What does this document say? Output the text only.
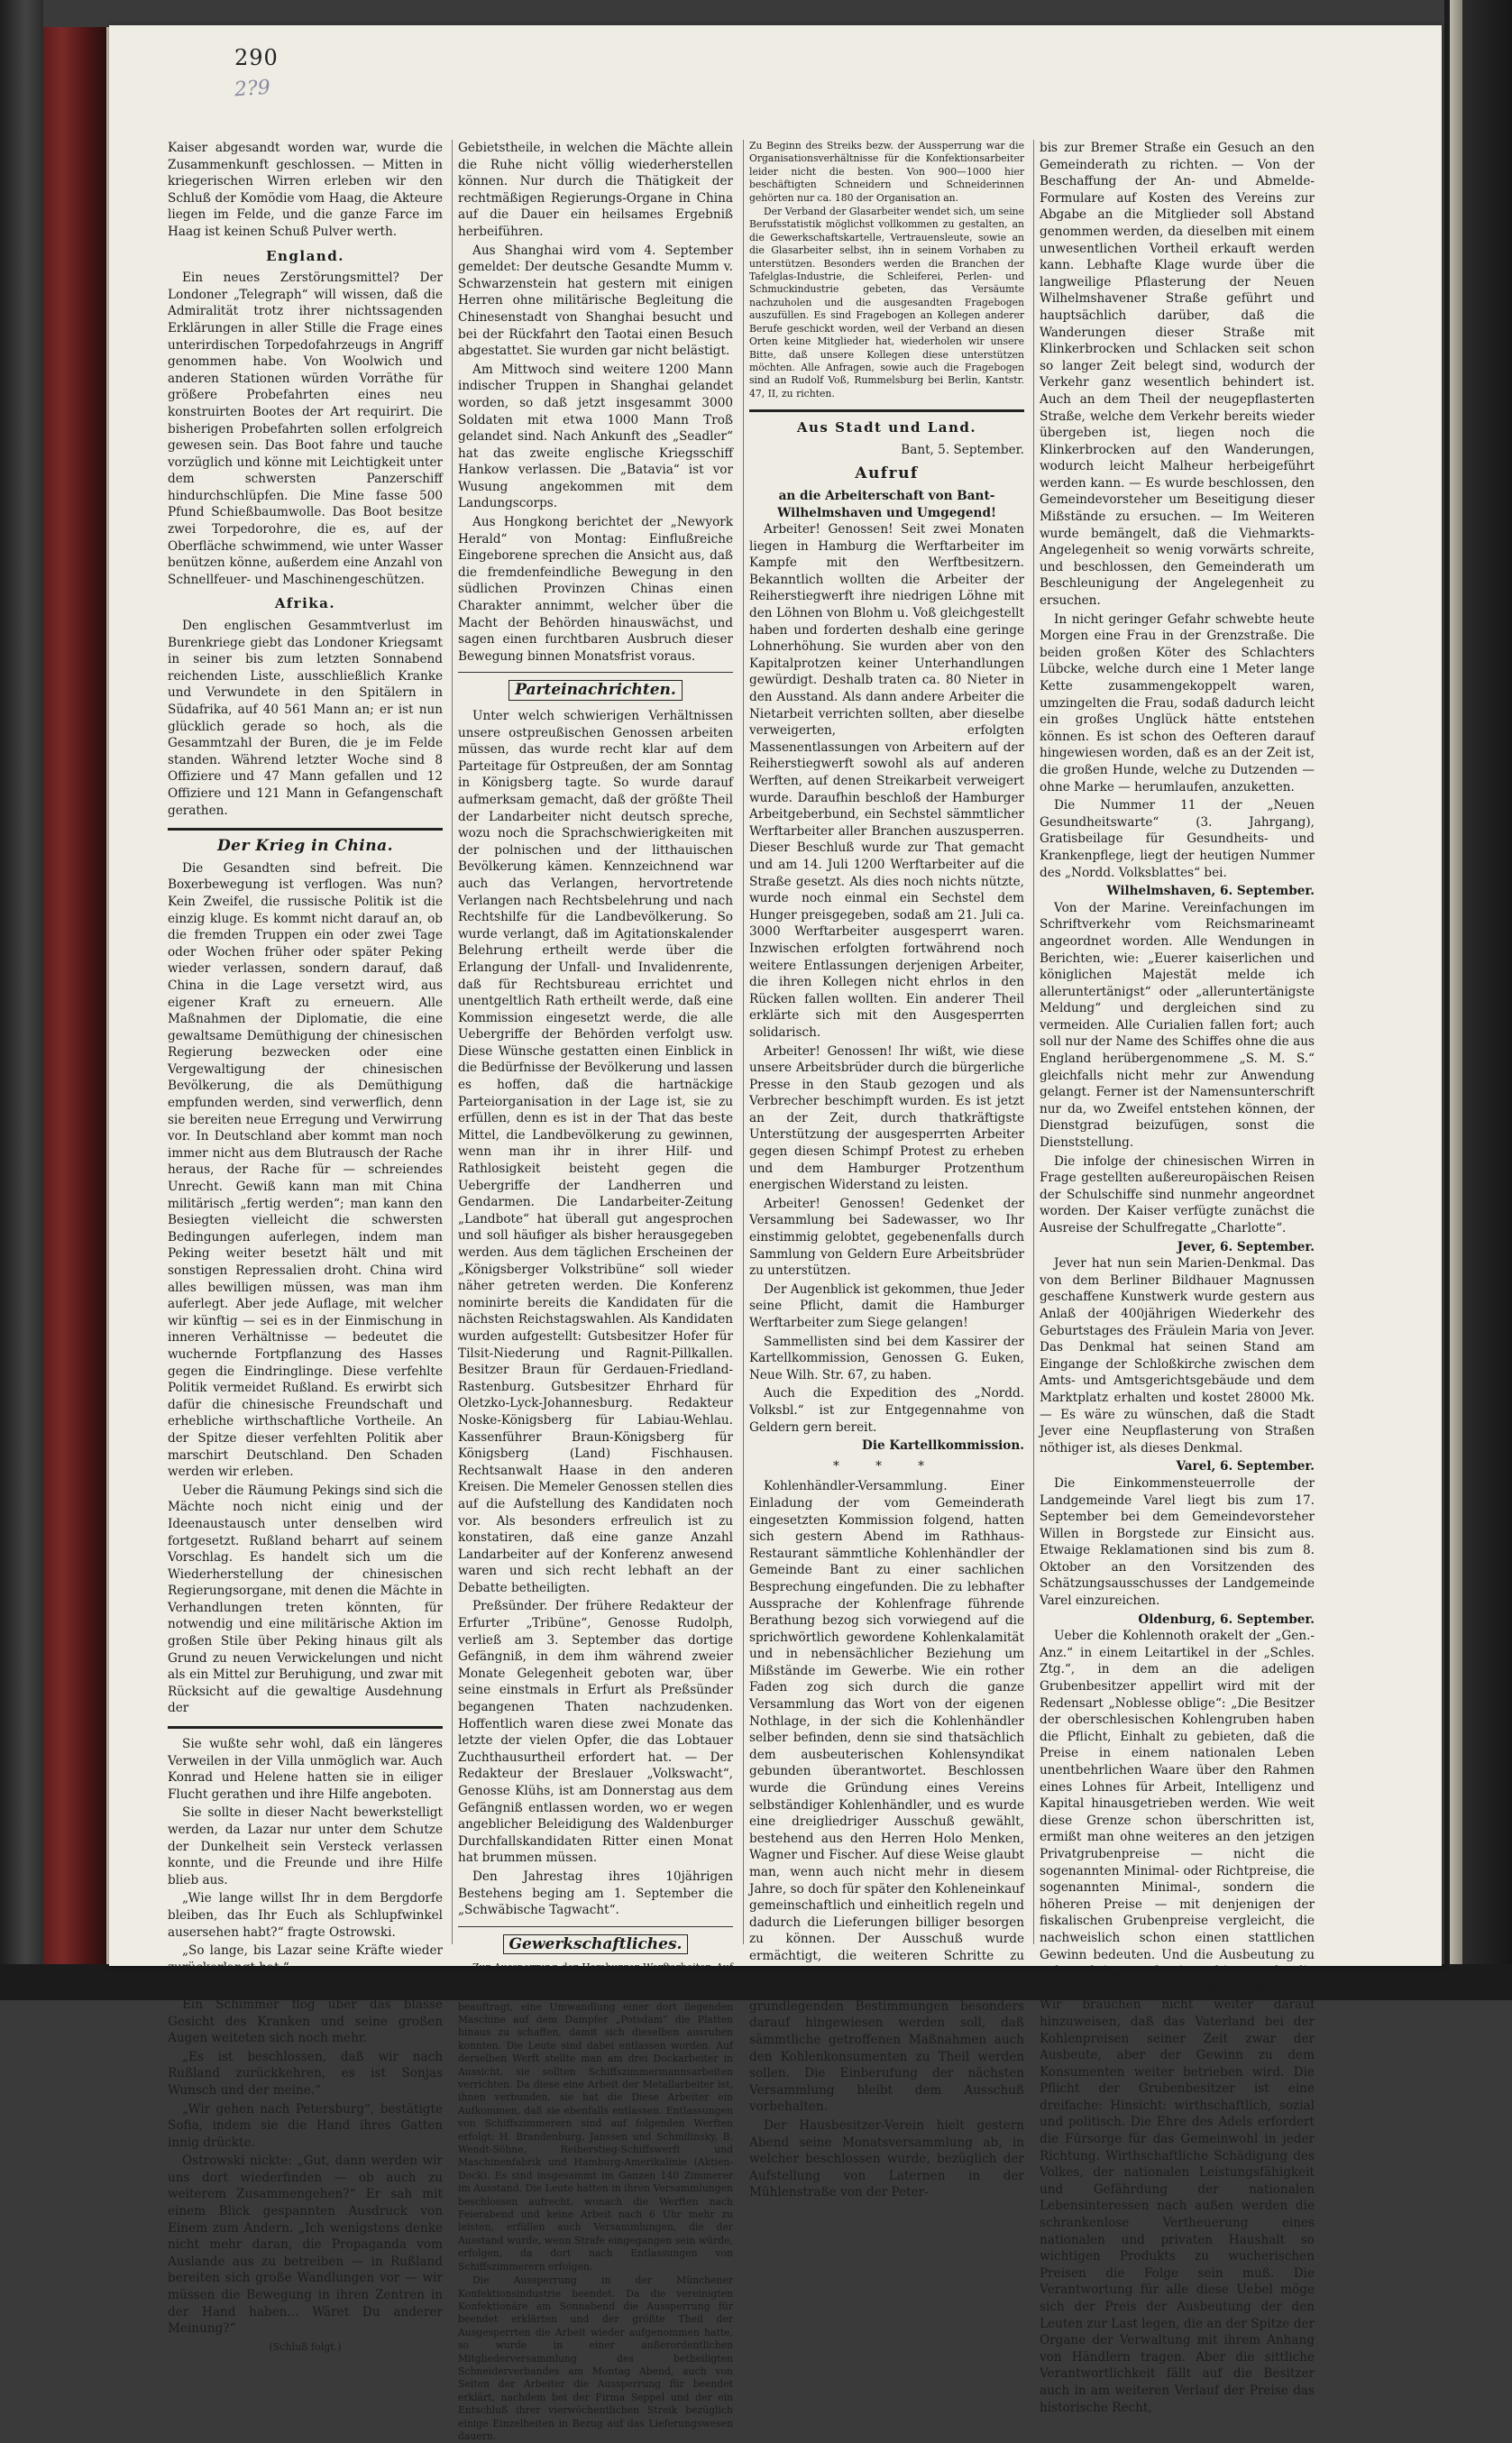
290
2?9

Kaiser abgesandt worden war, wurde die Zusammenkunft geschlossen. — Mitten in kriegerischen Wirren erleben wir den Schluß der Komödie vom Haag, die Akteure liegen im Felde, und die ganze Farce im Haag ist keinen Schuß Pulver werth.

England.

Ein neues Zerstörungsmittel? Der Londoner „Telegraph“ will wissen, daß die Admiralität trotz ihrer nichtssagenden Erklärungen in aller Stille die Frage eines unterirdischen Torpedofahrzeugs in Angriff genommen habe. Von Woolwich und anderen Stationen würden Vorräthe für größere Probefahrten eines neu konstruirten Bootes der Art requirirt. Die bisherigen Probefahrten sollen erfolgreich gewesen sein. Das Boot fahre und tauche vorzüglich und könne mit Leichtigkeit unter dem schwersten Panzerschiff hindurchschlüpfen. Die Mine fasse 500 Pfund Schießbaumwolle. Das Boot besitze zwei Torpedorohre, die es, auf der Oberfläche schwimmend, wie unter Wasser benützen könne, außerdem eine Anzahl von Schnellfeuer- und Maschinengeschützen.

Afrika.

Den englischen Gesammtverlust im Burenkriege giebt das Londoner Kriegsamt in seiner bis zum letzten Sonnabend reichenden Liste, ausschließlich Kranke und Verwundete in den Spitälern in Südafrika, auf 40 561 Mann an; er ist nun glücklich gerade so hoch, als die Gesammtzahl der Buren, die je im Felde standen. Während letzter Woche sind 8 Offiziere und 47 Mann gefallen und 12 Offiziere und 121 Mann in Gefangenschaft gerathen.

Der Krieg in China.

Die Gesandten sind befreit. Die Boxerbewegung ist verflogen. Was nun? Kein Zweifel, die russische Politik ist die einzig kluge. Es kommt nicht darauf an, ob die fremden Truppen ein oder zwei Tage oder Wochen früher oder später Peking wieder verlassen, sondern darauf, daß China in die Lage versetzt wird, aus eigener Kraft zu erneuern. Alle Maßnahmen der Diplomatie, die eine gewaltsame Demüthigung der chinesischen Regierung bezwecken oder eine Vergewaltigung der chinesischen Bevölkerung, die als Demüthigung empfunden werden, sind verwerflich, denn sie bereiten neue Erregung und Verwirrung vor. In Deutschland aber kommt man noch immer nicht aus dem Blutrausch der Rache heraus, der Rache für — schreiendes Unrecht. Gewiß kann man mit China militärisch „fertig werden“; man kann den Besiegten vielleicht die schwersten Bedingungen auferlegen, indem man Peking weiter besetzt hält und mit sonstigen Repressalien droht. China wird alles bewilligen müssen, was man ihm auferlegt. Aber jede Auflage, mit welcher wir künftig — sei es in der Einmischung in inneren Verhältnisse — bedeutet die wuchernde Fortpflanzung des Hasses gegen die Eindringlinge. Diese verfehlte Politik vermeidet Rußland. Es erwirbt sich dafür die chinesische Freundschaft und erhebliche wirthschaftliche Vortheile. An der Spitze dieser verfehlten Politik aber marschirt Deutschland. Den Schaden werden wir erleben.

Ueber die Räumung Pekings sind sich die Mächte noch nicht einig und der Ideenaustausch unter denselben wird fortgesetzt. Rußland beharrt auf seinem Vorschlag. Es handelt sich um die Wiederherstellung der chinesischen Regierungsorgane, mit denen die Mächte in Verhandlungen treten könnten, für notwendig und eine militärische Aktion im großen Stile über Peking hinaus gilt als Grund zu neuen Verwickelungen und nicht als ein Mittel zur Beruhigung, und zwar mit Rücksicht auf die gewaltige Ausdehnung der

Sie wußte sehr wohl, daß ein längeres Verweilen in der Villa unmöglich war. Auch Konrad und Helene hatten sie in eiliger Flucht gerathen und ihre Hilfe angeboten.

Sie sollte in dieser Nacht bewerkstelligt werden, da Lazar nur unter dem Schutze der Dunkelheit sein Versteck verlassen konnte, und die Freunde und ihre Hilfe blieb aus.

„Wie lange willst Ihr in dem Bergdorfe bleiben, das Ihr Euch als Schlupfwinkel ausersehen habt?“ fragte Ostrowski.

„So lange, bis Lazar seine Kräfte wieder zurückerlangt hat.“

„Und was geschieht dann?“

Ein Schimmer flog über das blasse Gesicht des Kranken und seine großen Augen weiteten sich noch mehr.

„Es ist beschlossen, daß wir nach Rußland zurückkehren, es ist Sonjas Wunsch und der meine.“

„Wir gehen nach Petersburg“, bestätigte Sofia, indem sie die Hand ihres Gatten innig drückte.

Ostrowski nickte: „Gut, dann werden wir uns dort wiederfinden — ob auch zu weiterem Zusammengehen?“ Er sah mit einem Blick gespannten Ausdruck von Einem zum Andern. „Ich wenigstens denke nicht mehr daran, die Propaganda vom Auslande aus zu betreiben — in Rußland bereiten sich große Wandlungen vor — wir müssen die Bewegung in ihren Zentren in der Hand haben... Wäret Du anderer Meinung?“

(Schluß folgt.)

Gebietstheile, in welchen die Mächte allein die Ruhe nicht völlig wiederherstellen können. Nur durch die Thätigkeit der rechtmäßigen Regierungs-Organe in China auf die Dauer ein heilsames Ergebniß herbeiführen.

Aus Shanghai wird vom 4. September gemeldet: Der deutsche Gesandte Mumm v. Schwarzenstein hat gestern mit einigen Herren ohne militärische Begleitung die Chinesenstadt von Shanghai besucht und bei der Rückfahrt den Taotai einen Besuch abgestattet. Sie wurden gar nicht belästigt.

Am Mittwoch sind weitere 1200 Mann indischer Truppen in Shanghai gelandet worden, so daß jetzt insgesammt 3000 Soldaten mit etwa 1000 Mann Troß gelandet sind. Nach Ankunft des „Seadler“ hat das zweite englische Kriegsschiff Hankow verlassen. Die „Batavia“ ist vor Wusung angekommen mit dem Landungscorps.

Aus Hongkong berichtet der „Newyork Herald“ von Montag: Einflußreiche Eingeborene sprechen die Ansicht aus, daß die fremdenfeindliche Bewegung in den südlichen Provinzen Chinas einen Charakter annimmt, welcher über die Macht der Behörden hinauswächst, und sagen einen furchtbaren Ausbruch dieser Bewegung binnen Monatsfrist voraus.

Parteinachrichten.

Unter welch schwierigen Verhältnissen unsere ostpreußischen Genossen arbeiten müssen, das wurde recht klar auf dem Parteitage für Ostpreußen, der am Sonntag in Königsberg tagte. So wurde darauf aufmerksam gemacht, daß der größte Theil der Landarbeiter nicht deutsch spreche, wozu noch die Sprachschwierigkeiten mit der polnischen und der litthauischen Bevölkerung kämen. Kennzeichnend war auch das Verlangen, hervortretende Verlangen nach Rechtsbelehrung und nach Rechtshilfe für die Landbevölkerung. So wurde verlangt, daß im Agitationskalender Belehrung ertheilt werde über die Erlangung der Unfall- und Invalidenrente, daß für Rechtsbureau errichtet und unentgeltlich Rath ertheilt werde, daß eine Kommission eingesetzt werde, die alle Uebergriffe der Behörden verfolgt usw. Diese Wünsche gestatten einen Einblick in die Bedürfnisse der Bevölkerung und lassen es hoffen, daß die hartnäckige Parteiorganisation in der Lage ist, sie zu erfüllen, denn es ist in der That das beste Mittel, die Landbevölkerung zu gewinnen, wenn man ihr in ihrer Hilf- und Rathlosigkeit beisteht gegen die Uebergriffe der Landherren und Gendarmen. Die Landarbeiter-Zeitung „Landbote“ hat überall gut angesprochen und soll häufiger als bisher herausgegeben werden. Aus dem täglichen Erscheinen der „Königsberger Volkstribüne“ soll wieder näher getreten werden. Die Konferenz nominirte bereits die Kandidaten für die nächsten Reichstagswahlen. Als Kandidaten wurden aufgestellt: Gutsbesitzer Hofer für Tilsit-Niederung und Ragnit-Pillkallen. Besitzer Braun für Gerdauen-Friedland-Rastenburg. Gutsbesitzer Ehrhard für Oletzko-Lyck-Johannesburg. Redakteur Noske-Königsberg für Labiau-Wehlau. Kassenführer Braun-Königsberg für Königsberg (Land) Fischhausen. Rechtsanwalt Haase in den anderen Kreisen. Die Memeler Genossen stellen dies auf die Aufstellung des Kandidaten noch vor. Als besonders erfreulich ist zu konstatiren, daß eine ganze Anzahl Landarbeiter auf der Konferenz anwesend waren und sich recht lebhaft an der Debatte betheiligten.

Preßsünder. Der frühere Redakteur der Erfurter „Tribüne“, Genosse Rudolph, verließ am 3. September das dortige Gefängniß, in dem ihm während zweier Monate Gelegenheit geboten war, über seine einstmals in Erfurt als Preßsünder begangenen Thaten nachzudenken. Hoffentlich waren diese zwei Monate das letzte der vielen Opfer, die das Lobtauer Zuchthausurtheil erfordert hat. — Der Redakteur der Breslauer „Volkswacht“, Genosse Klühs, ist am Donnerstag aus dem Gefängniß entlassen worden, wo er wegen angeblicher Beleidigung des Waldenburger Durchfallskandidaten Ritter einen Monat hat brummen müssen.

Den Jahrestag ihres 10jährigen Bestehens beging am 1. September die „Schwäbische Tagwacht“.

Gewerkschaftliches.

Zur Aussperrung der Hamburger Werftarbeiter. Auf der Werft von Blohm und Voß wurden am Dienstag Morgen fünf Arbeitsleute der Kupferschmiede beauftragt, eine Umwandlung einer dort liegenden Maschine auf dem Dampfer „Potsdam“ die Platten hinaus zu schaffen, damit sich dieselben ausruhen konnten. Die Leute sind dabei entlassen worden. Auf derselben Werft stellte man am drei Dockarbeiter in Aussicht, sie sollten Schiffszimmermannsarbeiten verrichten. Da diese eine Arbeit der Metallarbeiter ist, ihnen verbunden, sie hat die Diese Arbeiter ein Aufkommen, daß sie ebenfalls entlassen. Entlassungen von Schiffszimmerern sind auf folgenden Werften erfolgt: H. Brandenburg, Janssen und Schmilinsky, B. Wendt-Söhne, Reiherstieg-Schiffswerft und Maschinenfabrik und Hamburg-Amerikalinie (Aktien-Dock). Es sind insgesammt im Ganzen 140 Zimmerer im Ausstand. Die Leute hatten in ihren Versammlungen beschlossen aufrecht, wonach die Werften nach Feierabend und keine Arbeit nach 6 Uhr mehr zu leisten, erfüllen auch Versammlungen, die der Ausstand wurde, wenn Strafe eingegangen sein würde, erfolgen, da dort nach Entlassungen von Schiffszimmerern erfolgen.

Die Aussperrung in der Münchener Konfektionsindustrie beendet. Da die vereinigten Konfektionäre am Sonnabend die Aussperrung für beendet erklärten und der größte Theil der Ausgesperrten die Arbeit wieder aufgenommen hatte, so wurde in einer außerordentlichen Mitgliederversammlung des betheiligten Schneiderverbandes am Montag Abend, auch von Seiten der Arbeiter die Aussperrung für beendet erklärt, nachdem bei der Firma Seppel und der ein Entschluß ihrer vierwöchentlichen Streik bezüglich einige Einzelheiten in Bezug auf das Lieferungswesen dauern.

Zu Beginn des Streiks bezw. der Aussperrung war die Organisationsverhältnisse für die Konfektionsarbeiter leider nicht die besten. Von 900—1000 hier beschäftigten Schneidern und Schneiderinnen gehörten nur ca. 180 der Organisation an.

Der Verband der Glasarbeiter wendet sich, um seine Berufsstatistik möglichst vollkommen zu gestalten, an die Gewerkschaftskartelle, Vertrauensleute, sowie an die Glasarbeiter selbst, ihn in seinem Vorhaben zu unterstützen. Besonders werden die Branchen der Tafelglas-Industrie, die Schleiferei, Perlen- und Schmuckindustrie gebeten, das Versäumte nachzuholen und die ausgesandten Fragebogen auszufüllen. Es sind Fragebogen an Kollegen anderer Berufe geschickt worden, weil der Verband an diesen Orten keine Mitglieder hat, wiederholen wir unsere Bitte, daß unsere Kollegen diese unterstützen möchten. Alle Anfragen, sowie auch die Fragebogen sind an Rudolf Voß, Rummelsburg bei Berlin, Kantstr. 47, II, zu richten.

Aus Stadt und Land.
Bant, 5. September.
Aufruf
an die Arbeiterschaft von Bant-Wilhelmshaven und Umgegend!

Arbeiter! Genossen! Seit zwei Monaten liegen in Hamburg die Werftarbeiter im Kampfe mit den Werftbesitzern. Bekanntlich wollten die Arbeiter der Reiherstiegwerft ihre niedrigen Löhne mit den Löhnen von Blohm u. Voß gleichgestellt haben und forderten deshalb eine geringe Lohnerhöhung. Sie wurden aber von den Kapitalprotzen keiner Unterhandlungen gewürdigt. Deshalb traten ca. 80 Nieter in den Ausstand. Als dann andere Arbeiter die Nietarbeit verrichten sollten, aber dieselbe verweigerten, erfolgten Massenentlassungen von Arbeitern auf der Reiherstiegwerft sowohl als auf anderen Werften, auf denen Streikarbeit verweigert wurde. Daraufhin beschloß der Hamburger Arbeitgeberbund, ein Sechstel sämmtlicher Werftarbeiter aller Branchen auszusperren. Dieser Beschluß wurde zur That gemacht und am 14. Juli 1200 Werftarbeiter auf die Straße gesetzt. Als dies noch nichts nützte, wurde noch einmal ein Sechstel dem Hunger preisgegeben, sodaß am 21. Juli ca. 3000 Werftarbeiter ausgesperrt waren. Inzwischen erfolgten fortwährend noch weitere Entlassungen derjenigen Arbeiter, die ihren Kollegen nicht ehrlos in den Rücken fallen wollten. Ein anderer Theil erklärte sich mit den Ausgesperrten solidarisch.

Arbeiter! Genossen! Ihr wißt, wie diese unsere Arbeitsbrüder durch die bürgerliche Presse in den Staub gezogen und als Verbrecher beschimpft wurden. Es ist jetzt an der Zeit, durch thatkräftigste Unterstützung der ausgesperrten Arbeiter gegen diesen Schimpf Protest zu erheben und dem Hamburger Protzenthum energischen Widerstand zu leisten.

Arbeiter! Genossen! Gedenket der Versammlung bei Sadewasser, wo Ihr einstimmig gelobtet, gegebenenfalls durch Sammlung von Geldern Eure Arbeitsbrüder zu unterstützen.

Der Augenblick ist gekommen, thue Jeder seine Pflicht, damit die Hamburger Werftarbeiter zum Siege gelangen!

Sammellisten sind bei dem Kassirer der Kartellkommission, Genossen G. Euken, Neue Wilh. Str. 67, zu haben.

Auch die Expedition des „Nordd. Volksbl.“ ist zur Entgegennahme von Geldern gern bereit.

Die Kartellkommission.
* * *

Kohlenhändler-Versammlung. Einer Einladung der vom Gemeinderath eingesetzten Kommission folgend, hatten sich gestern Abend im Rathhaus-Restaurant sämmtliche Kohlenhändler der Gemeinde Bant zu einer sachlichen Besprechung eingefunden. Die zu lebhafter Aussprache der Kohlenfrage führende Berathung bezog sich vorwiegend auf die sprichwörtlich gewordene Kohlenkalamität und in nebensächlicher Beziehung um Mißstände im Gewerbe. Wie ein rother Faden zog sich durch die ganze Versammlung das Wort von der eigenen Nothlage, in der sich die Kohlenhändler selber befinden, denn sie sind thatsächlich dem ausbeuterischen Kohlensyndikat gebunden überantwortet. Beschlossen wurde die Gründung eines Vereins selbständiger Kohlenhändler, und es wurde eine dreigliedriger Ausschuß gewählt, bestehend aus den Herren Holo Menken, Wagner und Fischer. Auf diese Weise glaubt man, wenn auch nicht mehr in diesem Jahre, so doch für später den Kohleneinkauf gemeinschaftlich und einheitlich regeln und dadurch die Lieferungen billiger besorgen zu können. Der Ausschuß wurde ermächtigt, die weiteren Schritte zu unternehmen und Satzungen für ein Vereins-Statut auszuarbeiten, in denen grundlegenden Bestimmungen besonders darauf hingewiesen werden soll, daß sämmtliche getroffenen Maßnahmen auch den Kohlenkonsumenten zu Theil werden sollen. Die Einberufung der nächsten Versammlung bleibt dem Ausschuß vorbehalten.

Der Hausbesitzer-Verein hielt gestern Abend seine Monatsversammlung ab, in welcher beschlossen wurde, bezüglich der Aufstellung von Laternen in der Mühlenstraße von der Peter-

bis zur Bremer Straße ein Gesuch an den Gemeinderath zu richten. — Von der Beschaffung der An- und Abmelde-Formulare auf Kosten des Vereins zur Abgabe an die Mitglieder soll Abstand genommen werden, da dieselben mit einem unwesentlichen Vortheil erkauft werden kann. Lebhafte Klage wurde über die langweilige Pflasterung der Neuen Wilhelmshavener Straße geführt und hauptsächlich darüber, daß die Wanderungen dieser Straße mit Klinkerbrocken und Schlacken seit schon so langer Zeit belegt sind, wodurch der Verkehr ganz wesentlich behindert ist. Auch an dem Theil der neugepflasterten Straße, welche dem Verkehr bereits wieder übergeben ist, liegen noch die Klinkerbrocken auf den Wanderungen, wodurch leicht Malheur herbeigeführt werden kann. — Es wurde beschlossen, den Gemeindevorsteher um Beseitigung dieser Mißstände zu ersuchen. — Im Weiteren wurde bemängelt, daß die Viehmarkts-Angelegenheit so wenig vorwärts schreite, und beschlossen, den Gemeinderath um Beschleunigung der Angelegenheit zu ersuchen.

In nicht geringer Gefahr schwebte heute Morgen eine Frau in der Grenzstraße. Die beiden großen Köter des Schlachters Lübcke, welche durch eine 1 Meter lange Kette zusammengekoppelt waren, umzingelten die Frau, sodaß dadurch leicht ein großes Unglück hätte entstehen können. Es ist schon des Oefteren darauf hingewiesen worden, daß es an der Zeit ist, die großen Hunde, welche zu Dutzenden — ohne Marke — herumlaufen, anzuketten.

Die Nummer 11 der „Neuen Gesundheitswarte“ (3. Jahrgang), Gratisbeilage für Gesundheits- und Krankenpflege, liegt der heutigen Nummer des „Nordd. Volksblattes“ bei.

Wilhelmshaven, 6. September.

Von der Marine. Vereinfachungen im Schriftverkehr vom Reichsmarineamt angeordnet worden. Alle Wendungen in Berichten, wie: „Euerer kaiserlichen und königlichen Majestät melde ich alleruntertänigst“ oder „alleruntertänigste Meldung“ und dergleichen sind zu vermeiden. Alle Curialien fallen fort; auch soll nur der Name des Schiffes ohne die aus England herübergenommene „S. M. S.“ gleichfalls nicht mehr zur Anwendung gelangt. Ferner ist der Namensunterschrift nur da, wo Zweifel entstehen können, der Dienstgrad beizufügen, sonst die Dienststellung.

Die infolge der chinesischen Wirren in Frage gestellten außereuropäischen Reisen der Schulschiffe sind nunmehr angeordnet worden. Der Kaiser verfügte zunächst die Ausreise der Schulfregatte „Charlotte“.

Jever, 6. September.

Jever hat nun sein Marien-Denkmal. Das von dem Berliner Bildhauer Magnussen geschaffene Kunstwerk wurde gestern aus Anlaß der 400jährigen Wiederkehr des Geburtstages des Fräulein Maria von Jever. Das Denkmal hat seinen Stand am Eingange der Schloßkirche zwischen dem Amts- und Amtsgerichtsgebäude und dem Marktplatz erhalten und kostet 28000 Mk. — Es wäre zu wünschen, daß die Stadt Jever eine Neupflasterung von Straßen nöthiger ist, als dieses Denkmal.

Varel, 6. September.

Die Einkommensteuerrolle der Landgemeinde Varel liegt bis zum 17. September bei dem Gemeindevorsteher Willen in Borgstede zur Einsicht aus. Etwaige Reklamationen sind bis zum 8. Oktober an den Vorsitzenden des Schätzungsausschusses der Landgemeinde Varel einzureichen.

Oldenburg, 6. September.

Ueber die Kohlennoth orakelt der „Gen.-Anz.“ in einem Leitartikel in der „Schles. Ztg.“, in dem an die adeligen Grubenbesitzer appellirt wird mit der Redensart „Noblesse oblige“: „Die Besitzer der oberschlesischen Kohlengruben haben die Pflicht, Einhalt zu gebieten, daß die Preise in einem nationalen Leben unentbehrlichen Waare über den Rahmen eines Lohnes für Arbeit, Intelligenz und Kapital hinausgetrieben werden. Wie weit diese Grenze schon überschritten ist, ermißt man ohne weiteres an den jetzigen Privatgrubenpreise — nicht die sogenannten Minimal- oder Richtpreise, die sogenannten Minimal-, sondern die höheren Preise — mit denjenigen der fiskalischen Grubenpreise vergleicht, die nachweislich schon einen stattlichen Gewinn bedeuten. Und die Ausbeutung zu unberechtigtem Gewinn, hier auch die Erwähnung zur wucherischen Ausbeutung. Wir brauchen nicht weiter darauf hinzuweisen, daß das Vaterland bei der Kohlenpreisen seiner Zeit zwar der Ausbeute, aber der Gewinn zu dem Konsumenten weiter betrieben wird. Die Pflicht der Grubenbesitzer ist eine dreifache: Hinsicht: wirthschaftlich, sozial und politisch. Die Ehre des Adels erfordert die Fürsorge für das Gemeinwohl in jeder Richtung. Wirthschaftliche Schädigung des Volkes, der nationalen Leistungsfähigkeit und Gefährdung der nationalen Lebensinteressen nach außen werden die schrankenlose Vertheuerung eines nationalen und privaten Haushalt so wichtigen Produkts zu wucherischen Preisen die Folge sein muß. Die Verantwortung für alle diese Uebel möge sich der Preis der Ausbeutung der den Leuten zur Last legen, die an der Spitze der Organe der Verwaltung mit ihrem Anhang von Händlern tragen. Aber die sittliche Verantwortlichkeit fällt auf die Besitzer auch in am weiteren Verlauf der Preise das historische Recht,
